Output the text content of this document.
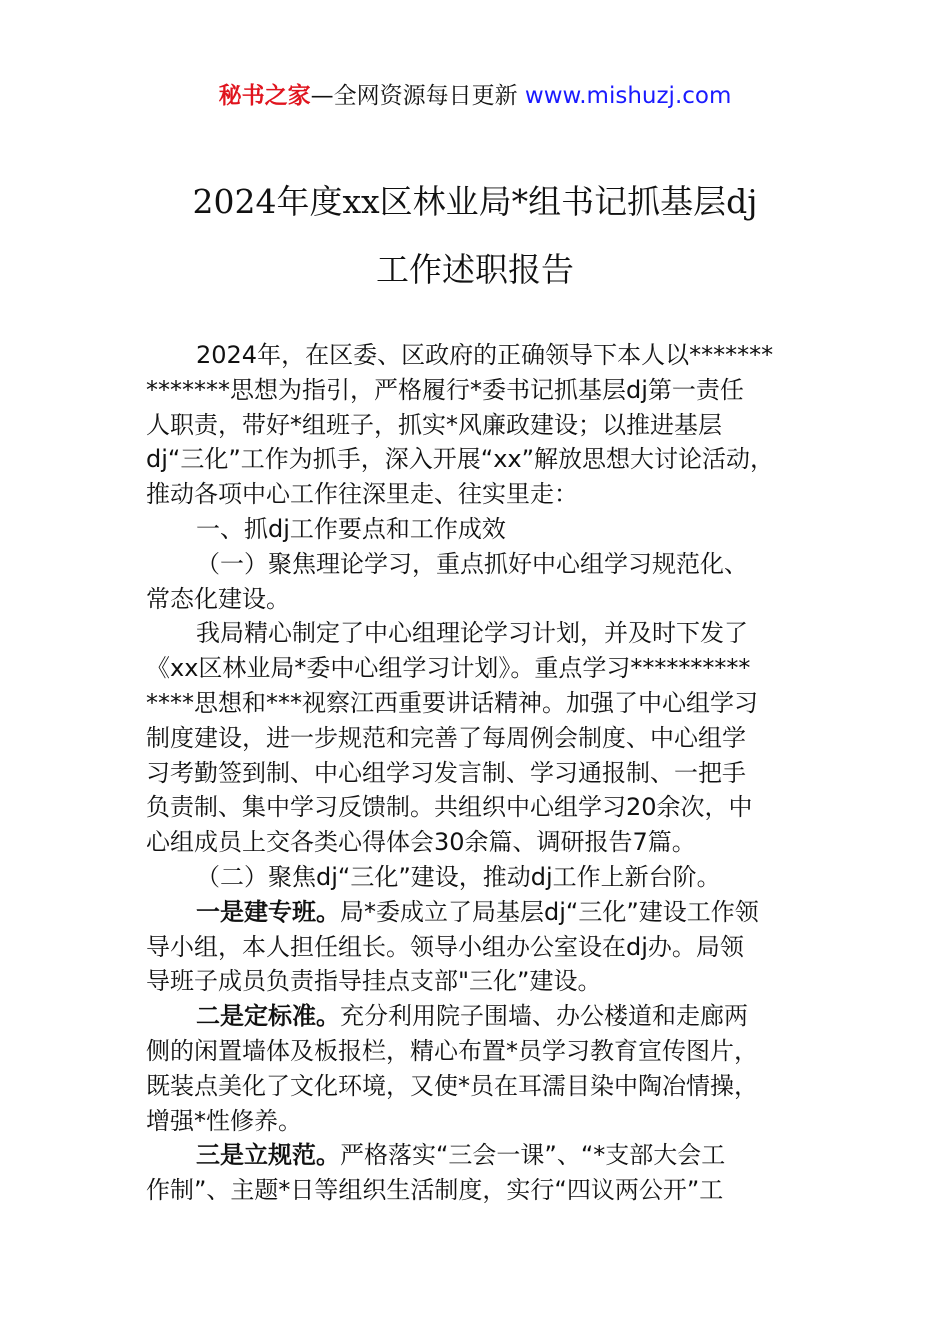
秘书之家—全网资源每日更新 www.mishuzj.com
2024年度xx区林业局*组书记抓基层dj
工作述职报告
2024年，在区委、区政府的正确领导下本人以*******
*******思想为指引，严格履行*委书记抓基层dj第一责任
人职责，带好*组班子，抓实*风廉政建设；以推进基层
dj“三化”工作为抓手，深入开展“xx”解放思想大讨论活动，
推动各项中心工作往深里走、往实里走：
一、抓dj工作要点和工作成效
（一）聚焦理论学习，重点抓好中心组学习规范化、
常态化建设。
我局精心制定了中心组理论学习计划，并及时下发了
《xx区林业局*委中心组学习计划》。重点学习**********
****思想和***视察江西重要讲话精神。加强了中心组学习
制度建设，进一步规范和完善了每周例会制度、中心组学
习考勤签到制、中心组学习发言制、学习通报制、一把手
负责制、集中学习反馈制。共组织中心组学习20余次，中
心组成员上交各类心得体会30余篇、调研报告7篇。
（二）聚焦dj“三化”建设，推动dj工作上新台阶。
一是建专班。局*委成立了局基层dj“三化”建设工作领
导小组，本人担任组长。领导小组办公室设在dj办。局领
导班子成员负责指导挂点支部"三化”建设。
二是定标准。充分利用院子围墙、办公楼道和走廊两
侧的闲置墙体及板报栏，精心布置*员学习教育宣传图片，
既装点美化了文化环境，又使*员在耳濡目染中陶冶情操，
增强*性修养。
三是立规范。严格落实“三会一课”、“*支部大会工
作制”、主题*日等组织生活制度，实行“四议两公开”工
